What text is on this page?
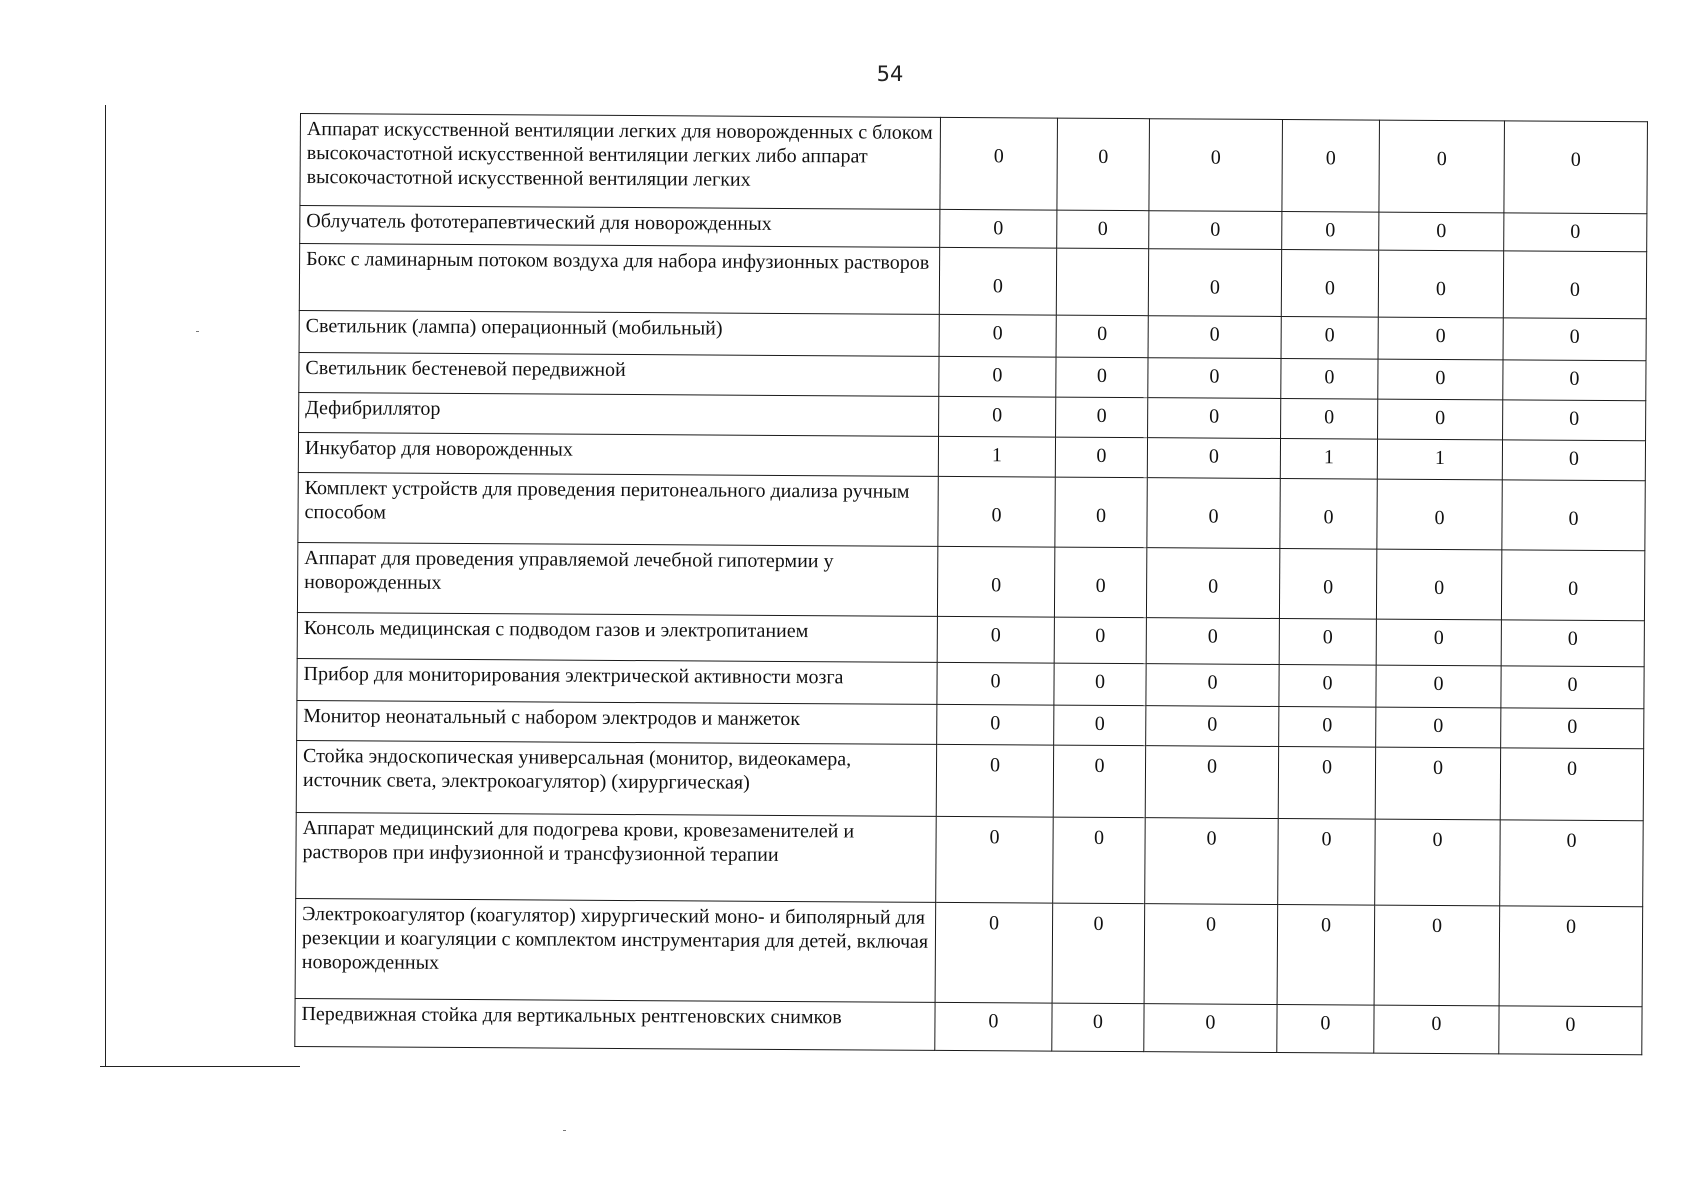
54
Аппарат искусственной вентиляции легких для новорожденных с блоком высокочастотной искусственной вентиляции легких либо аппарат высокочастотной искусственной вентиляции легких	0	0	0	0	0	0
Облучатель фототерапевтический для новорожденных	0	0	0	0	0	0
Бокс с ламинарным потоком воздуха для набора инфузионных растворов	0		0	0	0	0
Светильник (лампа) операционный (мобильный)	0	0	0	0	0	0
Светильник бестеневой передвижной	0	0	0	0	0	0
Дефибриллятор	0	0	0	0	0	0
Инкубатор для новорожденных	1	0	0	1	1	0
Комплект устройств для проведения перитонеального диализа ручным способом	0	0	0	0	0	0
Аппарат для проведения управляемой лечебной гипотермии у новорожденных	0	0	0	0	0	0
Консоль медицинская с подводом газов и электропитанием	0	0	0	0	0	0
Прибор для мониторирования электрической активности мозга	0	0	0	0	0	0
Монитор неонатальный с набором электродов и манжеток	0	0	0	0	0	0
Стойка эндоскопическая универсальная (монитор, видеокамера, источник света, электрокоагулятор) (хирургическая)	0	0	0	0	0	0
Аппарат медицинский для подогрева крови, кровезаменителей и растворов при инфузионной и трансфузионной терапии	0	0	0	0	0	0
Электрокоагулятор (коагулятор) хирургический моно- и биполярный для резекции и коагуляции с комплектом инструментария для детей, включая новорожденных	0	0	0	0	0	0
Передвижная стойка для вертикальных рентгеновских снимков	0	0	0	0	0	0
